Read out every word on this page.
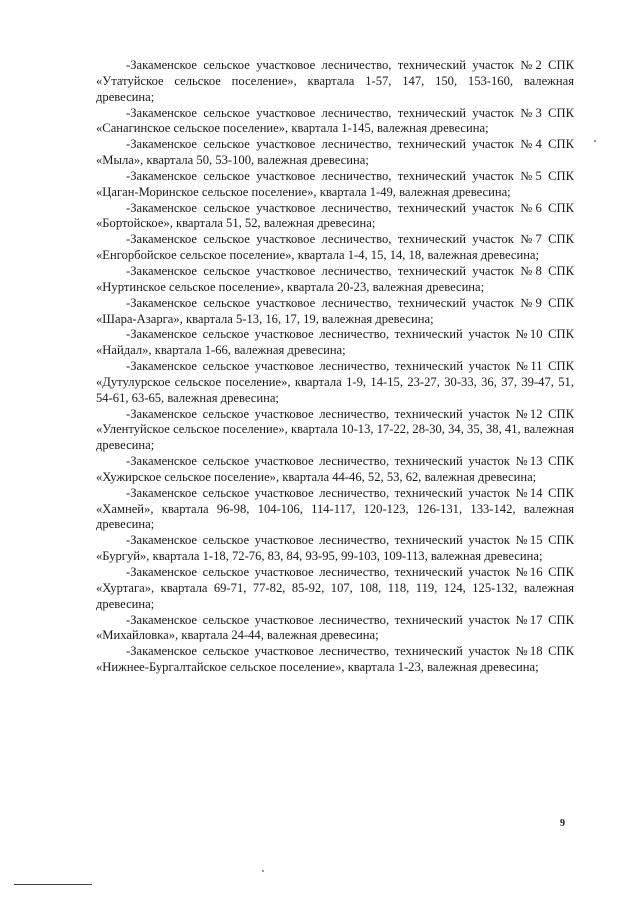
-Закаменское сельское участковое лесничество, технический участок №2 СПК «Утатуйское сельское поселение», квартала 1-57, 147, 150, 153-160, валежная древесина;

-Закаменское сельское участковое лесничество, технический участок №3 СПК «Санагинское сельское поселение», квартала 1-145, валежная древесина;

-Закаменское сельское участковое лесничество, технический участок №4 СПК «Мыла», квартала 50, 53-100, валежная древесина;

-Закаменское сельское участковое лесничество, технический участок №5 СПК «Цаган-Моринское сельское поселение», квартала 1-49, валежная древесина;

-Закаменское сельское участковое лесничество, технический участок №6 СПК «Бортойское», квартала 51, 52, валежная древесина;

-Закаменское сельское участковое лесничество, технический участок №7 СПК «Енгорбойское сельское поселение», квартала 1-4, 15, 14, 18, валежная древесина;

-Закаменское сельское участковое лесничество, технический участок №8 СПК «Нуртинское сельское поселение», квартала 20-23, валежная древесина;

-Закаменское сельское участковое лесничество, технический участок №9 СПК «Шара-Азарга», квартала 5-13, 16, 17, 19, валежная древесина;

-Закаменское сельское участковое лесничество, технический участок №10 СПК «Найдал», квартала 1-66, валежная древесина;

-Закаменское сельское участковое лесничество, технический участок №11 СПК «Дутулурское сельское поселение», квартала 1-9, 14-15, 23-27, 30-33, 36, 37, 39-47, 51, 54-61, 63-65, валежная древесина;

-Закаменское сельское участковое лесничество, технический участок №12 СПК «Улентуйское сельское поселение», квартала 10-13, 17-22, 28-30, 34, 35, 38, 41, валежная древесина;

-Закаменское сельское участковое лесничество, технический участок №13 СПК «Хужирское сельское поселение», квартала 44-46, 52, 53, 62, валежная древесина;

-Закаменское сельское участковое лесничество, технический участок №14 СПК «Хамней», квартала 96-98, 104-106, 114-117, 120-123, 126-131, 133-142, валежная древесина;

-Закаменское сельское участковое лесничество, технический участок №15 СПК «Бургуй», квартала 1-18, 72-76, 83, 84, 93-95, 99-103, 109-113, валежная древесина;

-Закаменское сельское участковое лесничество, технический участок №16 СПК «Хуртага», квартала 69-71, 77-82, 85-92, 107, 108, 118, 119, 124, 125-132, валежная древесина;

-Закаменское сельское участковое лесничество, технический участок №17 СПК «Михайловка», квартала 24-44, валежная древесина;

-Закаменское сельское участковое лесничество, технический участок №18 СПК «Нижнее-Бургалтайское сельское поселение», квартала 1-23, валежная древесина;

9
